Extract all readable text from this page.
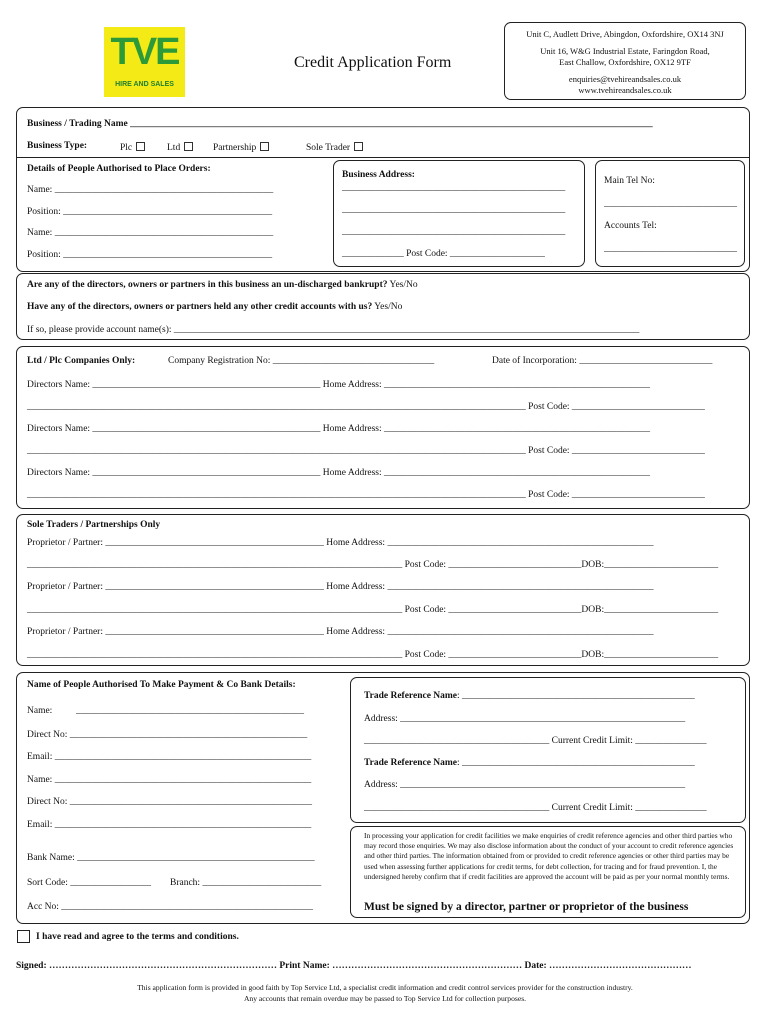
TVE
HIRE AND SALES
Credit Application Form
Unit C, Audlett Drive, Abingdon, Oxfordshire, OX14 3NJ
Unit 16, W&G Industrial Estate, Faringdon Road,
East Challow, Oxfordshire, OX12 9TF
enquiries@tvehireandsales.co.uk
www.tvehireandsales.co.uk
Business / Trading Name ______________________________________________________________________________________________________________
Business Type:	Plc	Ltd	Partnership	Sole Trader
Details of People Authorised to Place Orders:
Name: ______________________________________________
Position: ____________________________________________
Name: ______________________________________________
Position: ____________________________________________
Business Address:
_______________________________________________
_______________________________________________
_______________________________________________
_____________ Post Code: ____________________
Main Tel No:
____________________________
Accounts Tel:
____________________________
Are any of the directors, owners or partners in this business an un-discharged bankrupt? Yes/No
Have any of the directors, owners or partners held any other credit accounts with us? Yes/No
If so, please provide account name(s): __________________________________________________________________________________________________
Ltd / Plc Companies Only:	Company Registration No: __________________________________	Date of Incorporation: ____________________________
Directors Name: ________________________________________________ Home Address: ________________________________________________________
_________________________________________________________________________________________________________ Post Code: ____________________________
Directors Name: ________________________________________________ Home Address: ________________________________________________________
_________________________________________________________________________________________________________ Post Code: ____________________________
Directors Name: ________________________________________________ Home Address: ________________________________________________________
_________________________________________________________________________________________________________ Post Code: ____________________________
Sole Traders / Partnerships Only
Proprietor / Partner: ______________________________________________ Home Address: ________________________________________________________
_______________________________________________________________________________ Post Code: ____________________________DOB:________________________
Proprietor / Partner: ______________________________________________ Home Address: ________________________________________________________
_______________________________________________________________________________ Post Code: ____________________________DOB:________________________
Proprietor / Partner: ______________________________________________ Home Address: ________________________________________________________
_______________________________________________________________________________ Post Code: ____________________________DOB:________________________
Name of People Authorised To Make Payment & Co Bank Details:
Name: ________________________________________________
Direct No: __________________________________________________
Email: ______________________________________________________
Name: ______________________________________________________
Direct No: ___________________________________________________
Email: ______________________________________________________
Bank Name: __________________________________________________
Sort Code: _________________ Branch: _________________________
Acc No: _____________________________________________________
Trade Reference Name: _________________________________________________
Address: ____________________________________________________________
_______________________________________ Current Credit Limit: _______________
Trade Reference Name: _________________________________________________
Address: ____________________________________________________________
_______________________________________ Current Credit Limit: _______________
In processing your application for credit facilities we make enquiries of credit reference agencies and other third parties who may record those enquiries. We may also disclose information about the conduct of your account to credit reference agencies and other third parties. The information obtained from or provided to credit reference agencies or other third parties may be used when assessing further applications for credit terms, for debt collection, for tracing and for fraud prevention. I, the undersigned hereby confirm that if credit facilities are approved the account will be paid as per your normal monthly terms.
Must be signed by a director, partner or proprietor of the business
I have read and agree to the terms and conditions.
Signed: ……………………………………………………………… Print Name: …………………………………………………… Date: ………………………………………
This application form is provided in good faith by Top Service Ltd, a specialist credit information and credit control services provider for the construction industry.
Any accounts that remain overdue may be passed to Top Service Ltd for collection purposes.
